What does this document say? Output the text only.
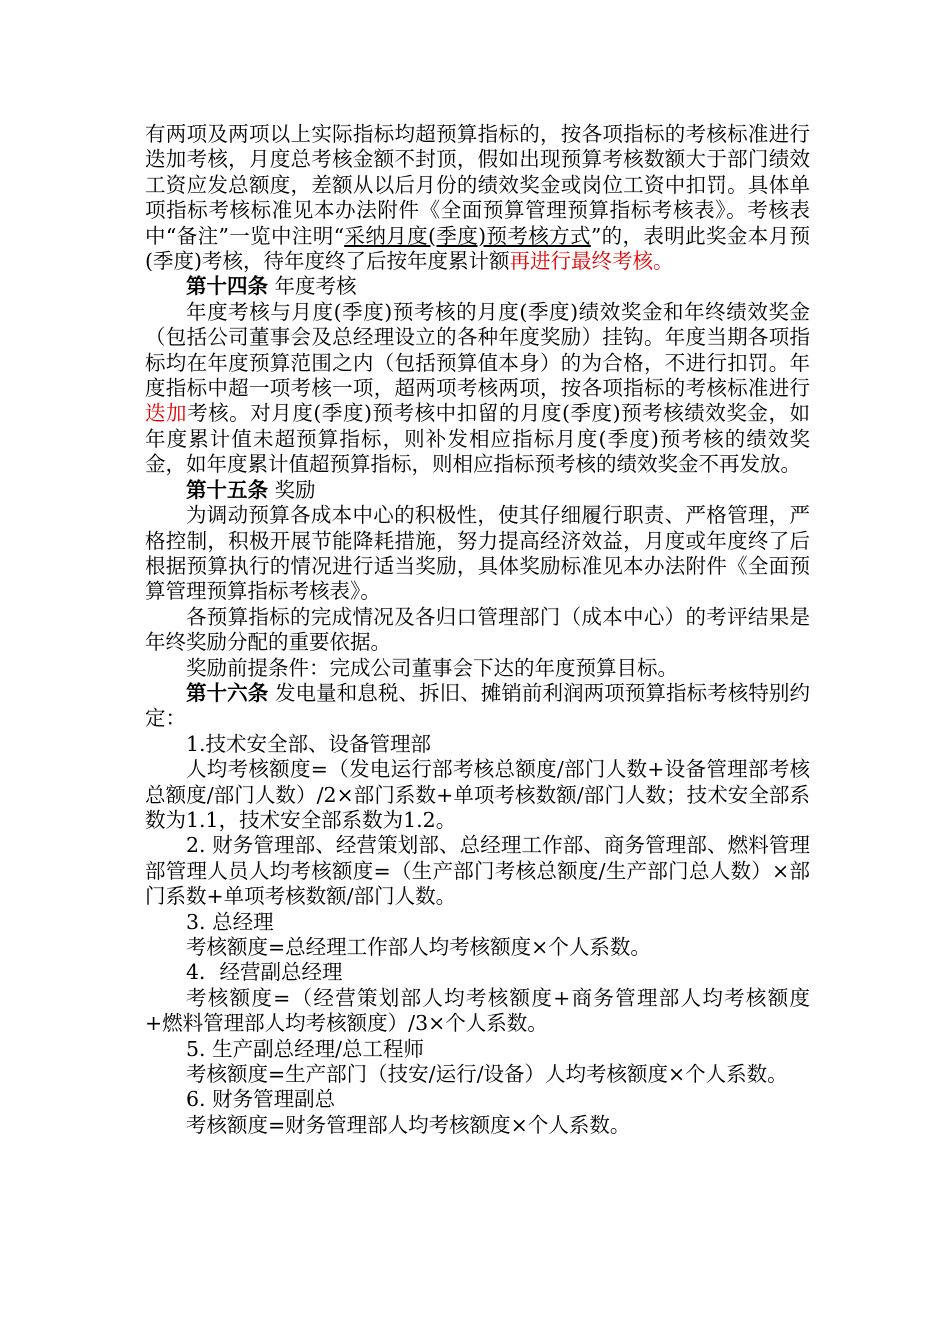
有两项及两项以上实际指标均超预算指标的，按各项指标的考核标准进行迭加考核，月度总考核金额不封顶，假如出现预算考核数额大于部门绩效工资应发总额度，差额从以后月份的绩效奖金或岗位工资中扣罚。具体单项指标考核标准见本办法附件《全面预算管理预算指标考核表》。考核表中“备注”一览中注明“采纳月度(季度)预考核方式”的，表明此奖金本月预(季度)考核，待年度终了后按年度累计额再进行最终考核。

第十四条 年度考核

年度考核与月度(季度)预考核的月度(季度)绩效奖金和年终绩效奖金（包括公司董事会及总经理设立的各种年度奖励）挂钩。年度当期各项指标均在年度预算范围之内（包括预算值本身）的为合格，不进行扣罚。年度指标中超一项考核一项，超两项考核两项，按各项指标的考核标准进行迭加考核。对月度(季度)预考核中扣留的月度(季度)预考核绩效奖金，如年度累计值未超预算指标，则补发相应指标月度(季度)预考核的绩效奖金，如年度累计值超预算指标，则相应指标预考核的绩效奖金不再发放。

第十五条 奖励

为调动预算各成本中心的积极性，使其仔细履行职责、严格管理，严格控制，积极开展节能降耗措施，努力提高经济效益，月度或年度终了后根据预算执行的情况进行适当奖励，具体奖励标准见本办法附件《全面预算管理预算指标考核表》。

各预算指标的完成情况及各归口管理部门（成本中心）的考评结果是年终奖励分配的重要依据。

奖励前提条件：完成公司董事会下达的年度预算目标。

第十六条 发电量和息税、拆旧、摊销前利润两项预算指标考核特别约定：

1.技术安全部、设备管理部

人均考核额度=（发电运行部考核总额度/部门人数+设备管理部考核总额度/部门人数）/2×部门系数+单项考核数额/部门人数；技术安全部系数为1.1，技术安全部系数为1.2。

2. 财务管理部、经营策划部、总经理工作部、商务管理部、燃料管理部管理人员人均考核额度=（生产部门考核总额度/生产部门总人数）×部门系数+单项考核数额/部门人数。

3. 总经理

考核额度=总经理工作部人均考核额度×个人系数。

4．经营副总经理

考核额度=（经营策划部人均考核额度+商务管理部人均考核额度+燃料管理部人均考核额度）/3×个人系数。

5. 生产副总经理/总工程师

考核额度=生产部门（技安/运行/设备）人均考核额度×个人系数。

6. 财务管理副总

考核额度=财务管理部人均考核额度×个人系数。
